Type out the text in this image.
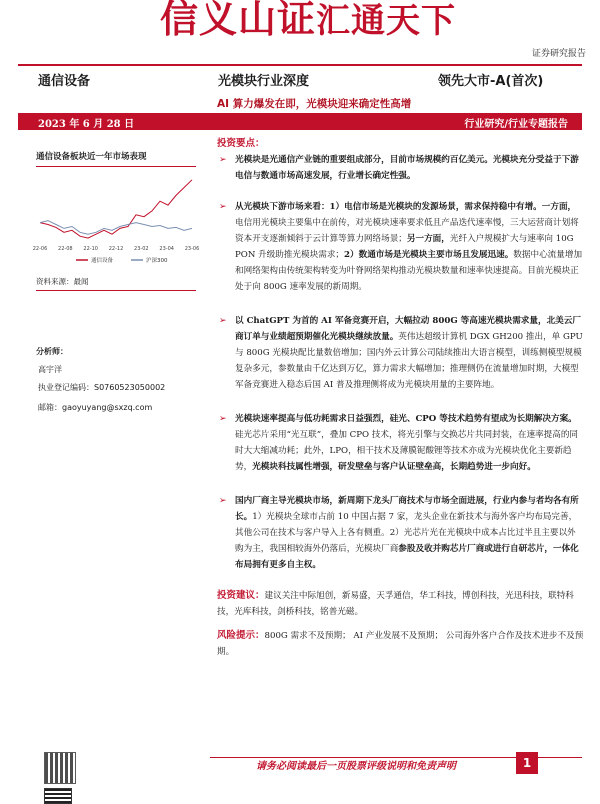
信义山证汇通天下
证券研究报告
通信设备	光模块行业深度	领先大市-A(首次)
AI 算力爆发在即，光模块迎来确定性高增
2023 年 6 月 28 日	行业研究/行业专题报告
通信设备板块近一年市场表现
22-06 22-08 22-10 22-12 23-02 23-04 23-06
通信设备	沪深300
资料来源：最闻
分析师：
高宇洋
执业登记编码：S0760523050002
邮箱：gaoyuyang@sxzq.com
投资要点：
➢ 光模块是光通信产业链的重要组成部分，目前市场规模约百亿美元。光模块充分受益于下游电信与数通市场高速发展，行业增长确定性强。
➢ 从光模块下游市场来看：1）电信市场是光模块的发源场景，需求保持稳中有增。一方面，电信用光模块主要集中在前传，对光模块速率要求低且产品迭代速率慢，三大运营商计划将资本开支逐渐倾斜于云计算等算力网络场景；另一方面，光纤入户规模扩大与速率向 10G PON 升级助推光模块需求；2）数通市场是光模块主要市场且发展迅速。数据中心流量增加和网络架构由传统架构转变为叶脊网络架构推动光模块数量和速率快速提高。目前光模块正处于向 800G 速率发展的新周期。
➢ 以 ChatGPT 为首的 AI 军备竞赛开启，大幅拉动 800G 等高速光模块需求量，北美云厂商订单与业绩超预期催化光模块继续放量。英伟达超级计算机 DGX GH200 推出，单 GPU 与 800G 光模块配比量数倍增加；国内外云计算公司陆续推出大语言模型，训练侧模型规模复杂多元，参数量由千亿达到万亿，算力需求大幅增加；推理侧仍在流量增加时期，大模型军备竞赛进入稳态后国 AI 普及推理侧将成为光模块用量的主要阵地。
➢ 光模块速率提高与低功耗需求日益强烈，硅光、CPO 等技术趋势有望成为长期解决方案。硅光芯片采用“光互联”，叠加 CPO 技术，将光引擎与交换芯片共同封装，在速率提高的同时大大缩减功耗；此外，LPO，相干技术及薄膜铌酸锂等技术亦成为光模块优化主要新趋势，光模块科技属性增强，研发壁垒与客户认证壁垒高，长期趋势进一步向好。
➢ 国内厂商主导光模块市场，新周期下龙头厂商技术与市场全面进展，行业内参与者均各有所长。1）光模块全球市占前 10 中国占据 7 家，龙头企业在新技术与海外客户均布局完善，其他公司在技术与客户导入上各有侧重。2）光芯片光在光模块中成本占比过半且主要以外购为主，我国相较海外仍落后，光模块厂商参股及收并购芯片厂商或进行自研芯片，一体化布局拥有更多自主权。
投资建议：建议关注中际旭创，新易盛，天孚通信，华工科技，博创科技，光迅科技，联特科技，光库科技，剑桥科技，铭普光磁。
风险提示：800G 需求不及预期； AI 产业发展不及预期； 公司海外客户合作及技术进步不及预期。
请务必阅读最后一页股票评级说明和免责声明	1
